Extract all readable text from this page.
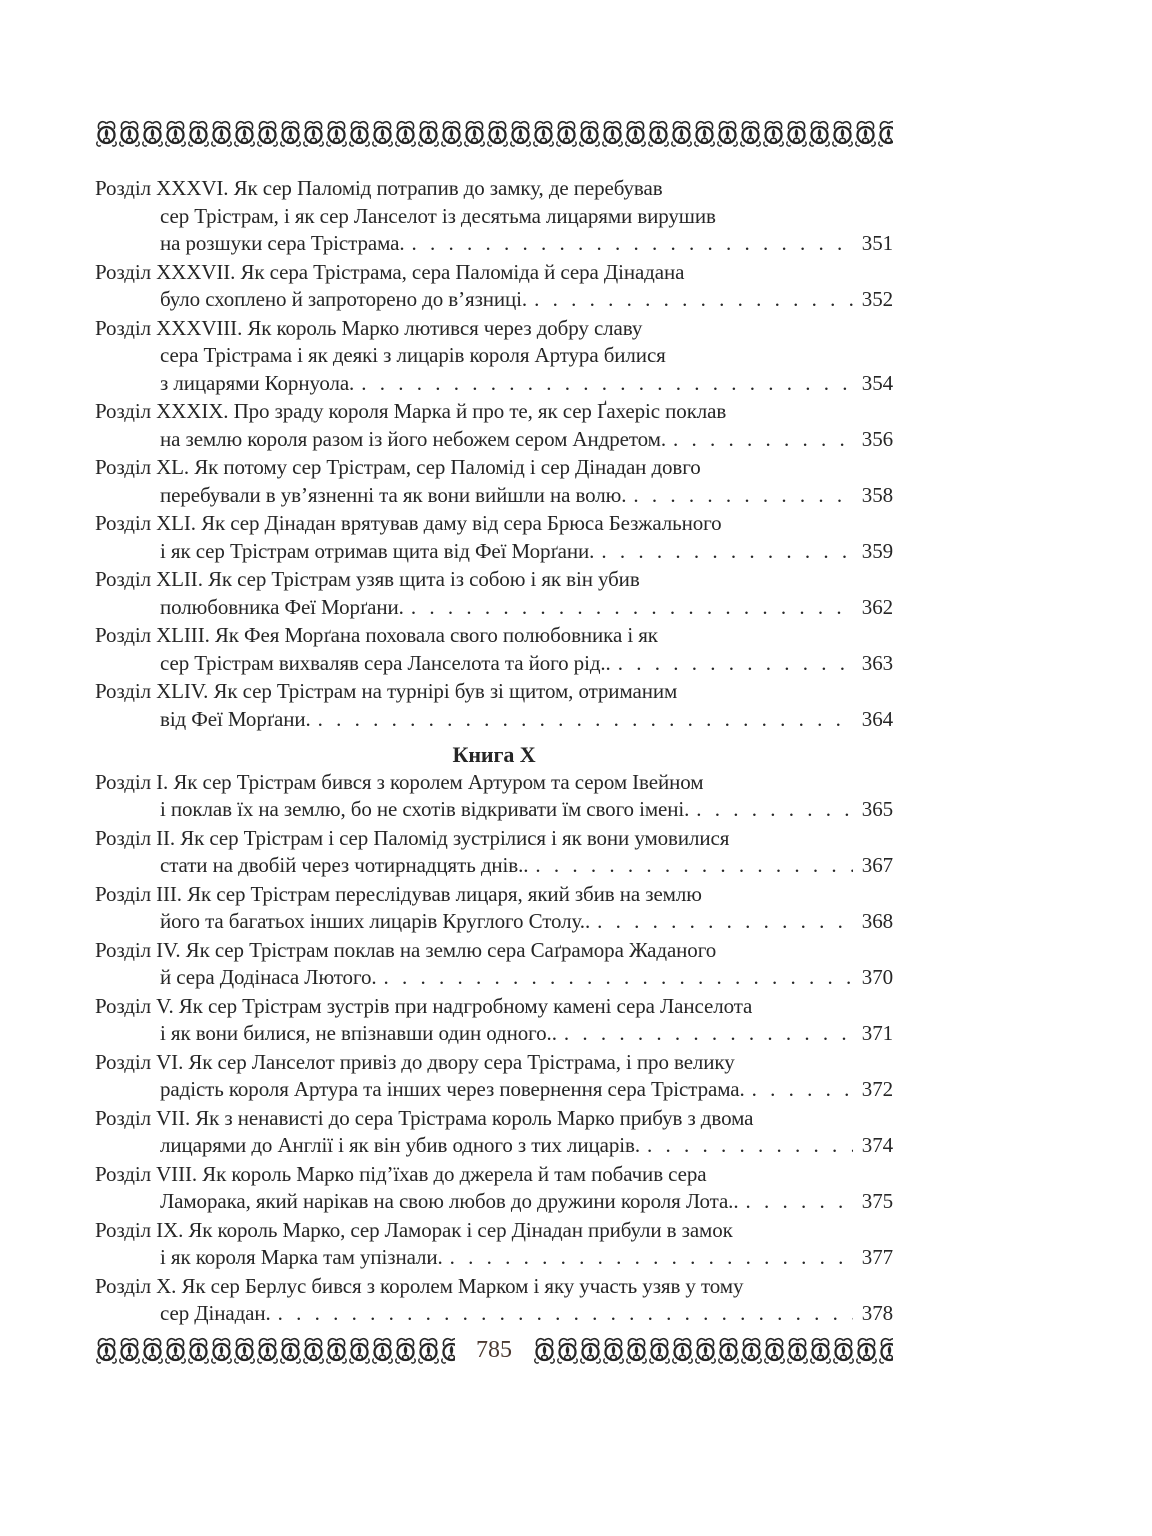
Розділ XXXVI. Як сер Паломід потрапив до замку, де перебував
сер Трістрам, і як сер Ланселот із десятьма лицарями вирушив
на розшуки сера Трістрама. . . .	351
Розділ XXXVII. Як сера Трістрама, сера Паломіда й сера Дінадана
було схоплено й запроторено до в’язниці. . . .	352
Розділ XXXVIII. Як король Марко лютився через добру славу
сера Трістрама і як деякі з лицарів короля Артура билися
з лицарями Корнуола. . . .	354
Розділ XXXIX. Про зраду короля Марка й про те, як сер Ґахеріс поклав
на землю короля разом із його небожем сером Андретом. . . .	356
Розділ XL. Як потому сер Трістрам, сер Паломід і сер Дінадан довго
перебували в ув’язненні та як вони вийшли на волю. . . .	358
Розділ XLI. Як сер Дінадан врятував даму від сера Брюса Безжального
і як сер Трістрам отримав щита від Феї Морґани. . . .	359
Розділ XLII. Як сер Трістрам узяв щита із собою і як він убив
полюбовника Феї Морґани. . . .	362
Розділ XLIII. Як Фея Морґана поховала свого полюбовника і як
сер Трістрам вихваляв сера Ланселота та його рід.. . . .	363
Розділ XLIV. Як сер Трістрам на турнірі був зі щитом, отриманим
від Феї Морґани. . . .	364
Книга X
Розділ I. Як сер Трістрам бився з королем Артуром та сером Івейном
і поклав їх на землю, бо не схотів відкривати їм свого імені. . . .	365
Розділ II. Як сер Трістрам і сер Паломід зустрілися і як вони умовилися
стати на двобій через чотирнадцять днів.. . . .	367
Розділ III. Як сер Трістрам переслідував лицаря, який збив на землю
його та багатьох інших лицарів Круглого Столу.. . . .	368
Розділ IV. Як сер Трістрам поклав на землю сера Саґрамора Жаданого
й сера Додінаса Лютого. . . .	370
Розділ V. Як сер Трістрам зустрів при надгробному камені сера Ланселота
і як вони билися, не впізнавши один одного.. . . .	371
Розділ VI. Як сер Ланселот привіз до двору сера Трістрама, і про велику
радість короля Артура та інших через повернення сера Трістрама. . . .	372
Розділ VII. Як з ненависті до сера Трістрама король Марко прибув з двома
лицарями до Англії і як він убив одного з тих лицарів. . . .	374
Розділ VIII. Як король Марко під’їхав до джерела й там побачив сера
Ламорака, який нарікав на свою любов до дружини короля Лота.. . . .	375
Розділ IX. Як король Марко, сер Ламорак і сер Дінадан прибули в замок
і як короля Марка там упізнали. . . .	377
Розділ X. Як сер Берлус бився з королем Марком і яку участь узяв у тому
сер Дінадан. . . .	378
785
